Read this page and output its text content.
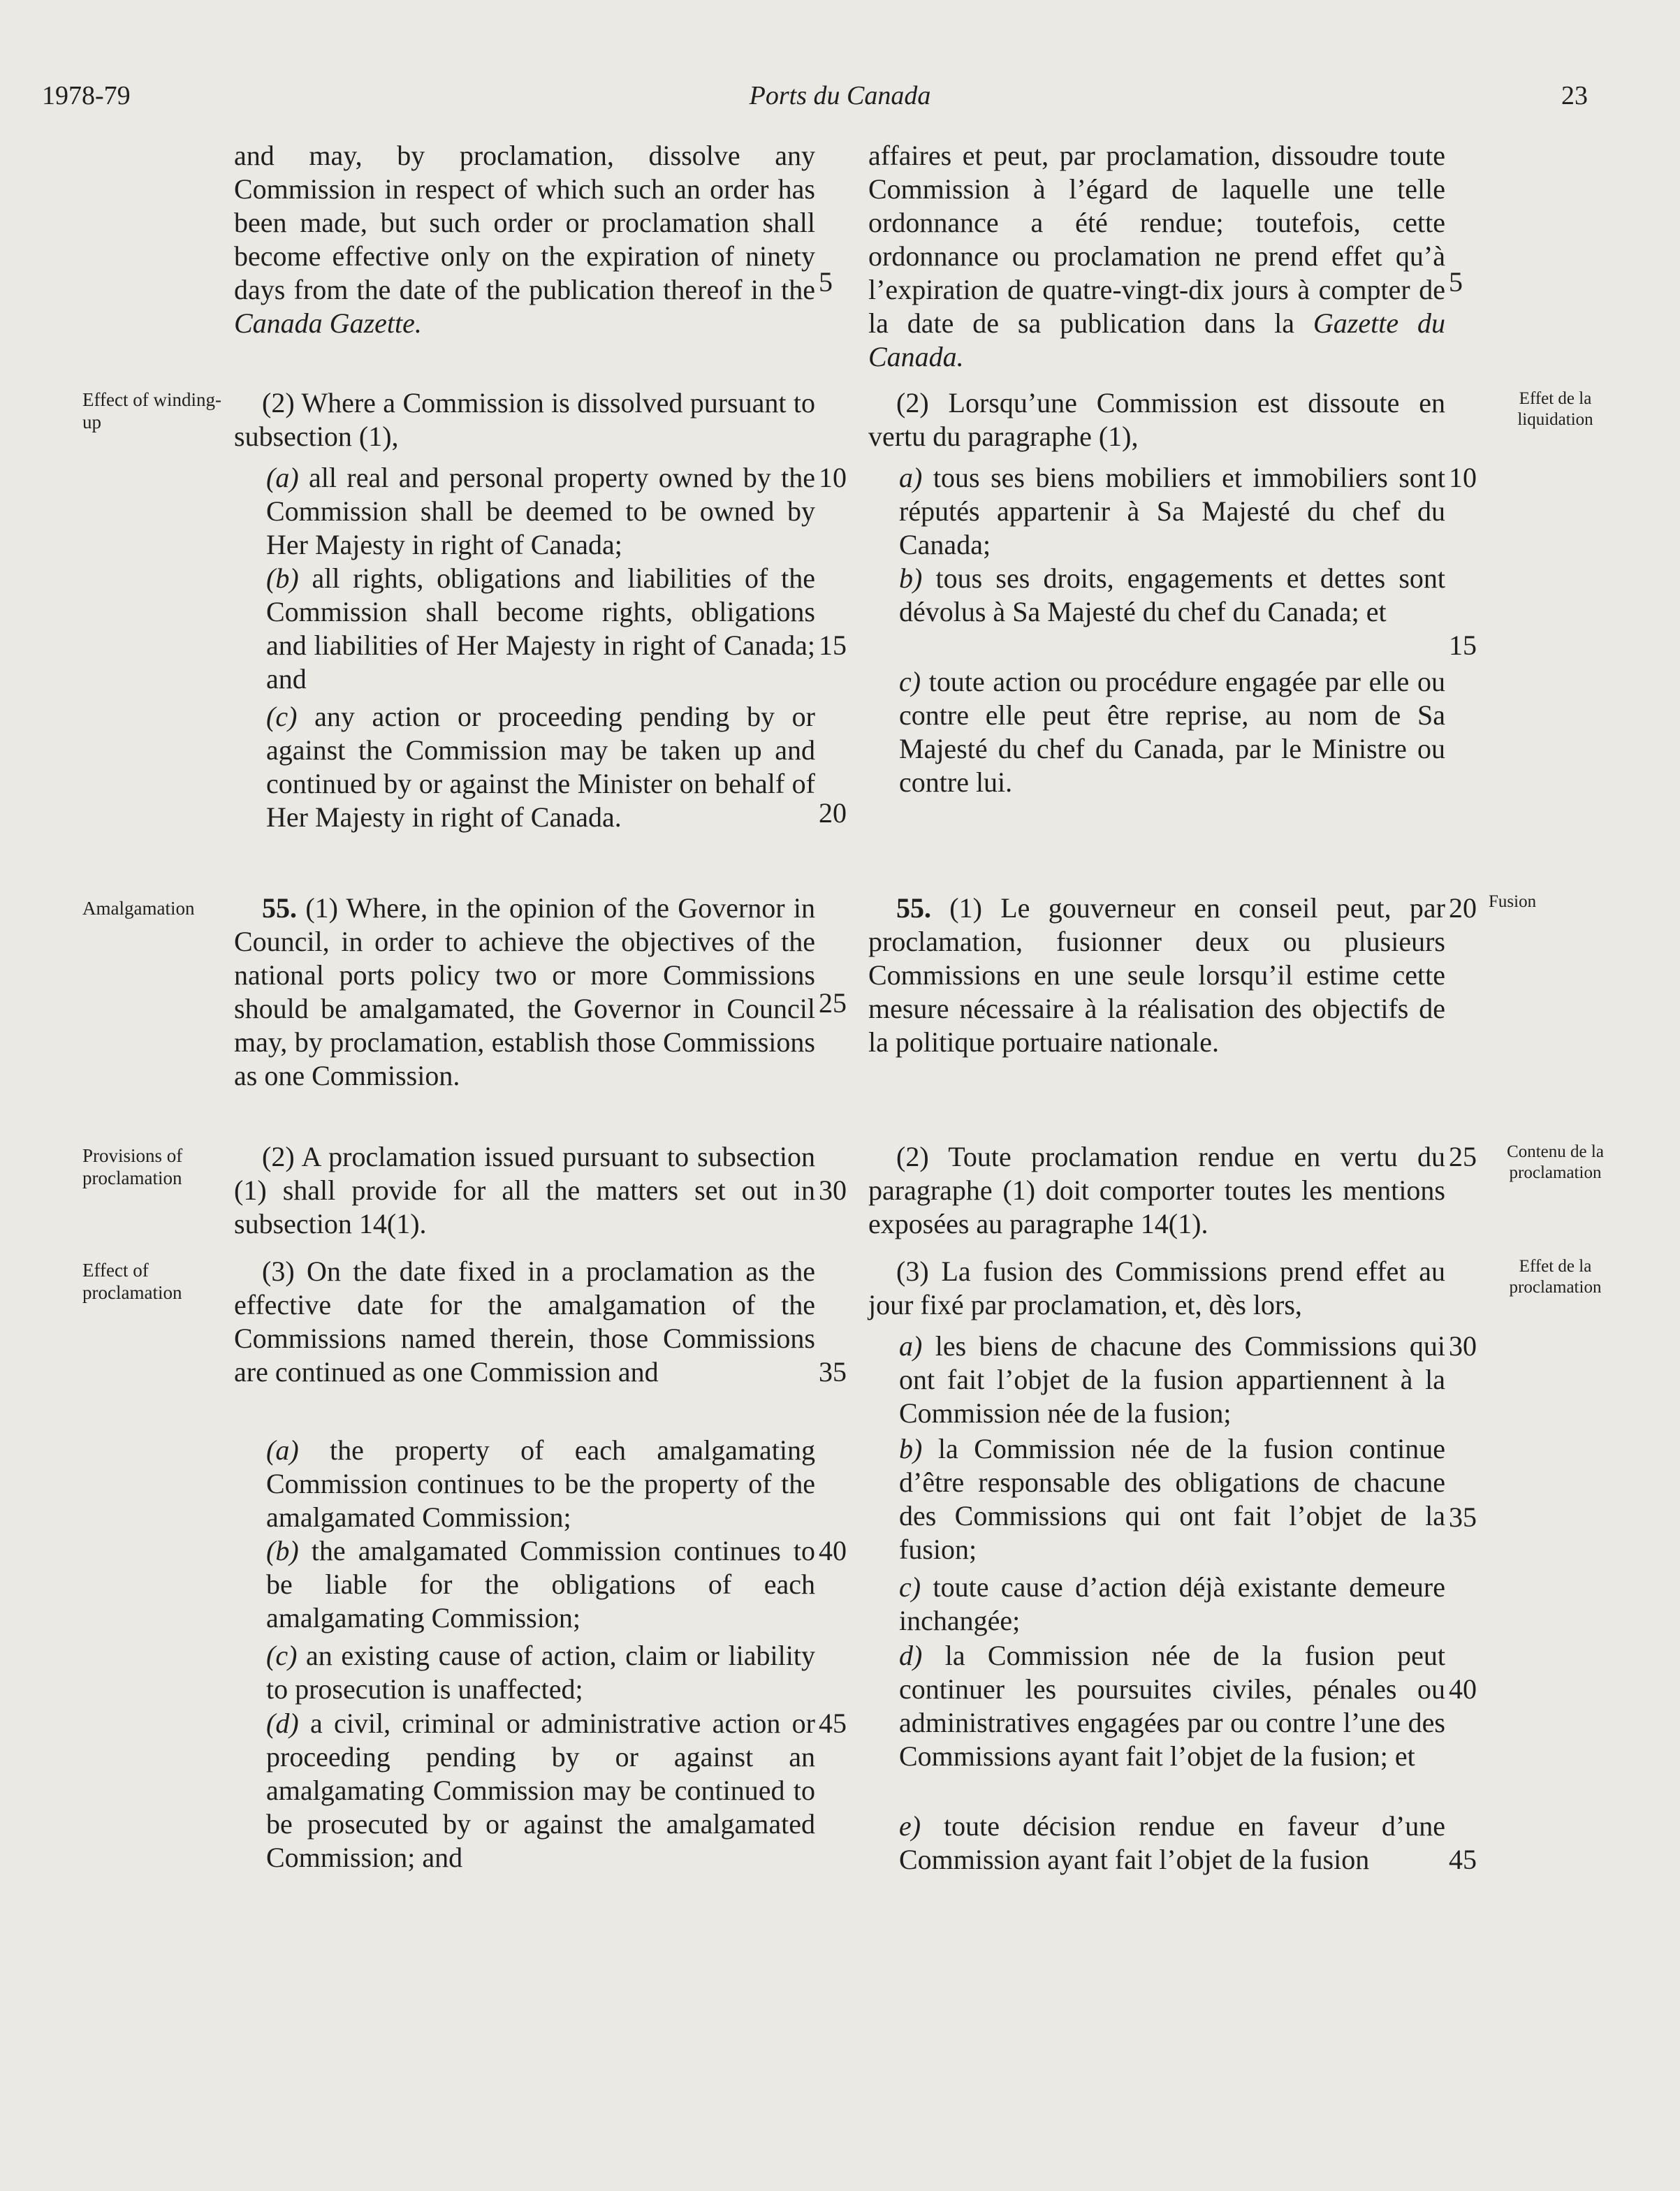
1978-79	Ports du Canada	23

and may, by proclamation, dissolve any Commission in respect of which such an order has been made, but such order or proclamation shall become effective only on the expiration of ninety days from the date of the publication thereof in the Canada Gazette.

(2) Where a Commission is dissolved pursuant to subsection (1),

(a) all real and personal property owned by the Commission shall be deemed to be owned by Her Majesty in right of Canada;

(b) all rights, obligations and liabilities of the Commission shall become rights, obligations and liabilities of Her Majesty in right of Canada; and

(c) any action or proceeding pending by or against the Commission may be taken up and continued by or against the Minister on behalf of Her Majesty in right of Canada.

55. (1) Where, in the opinion of the Governor in Council, in order to achieve the objectives of the national ports policy two or more Commissions should be amalgamated, the Governor in Council may, by proclamation, establish those Commissions as one Commission.

(2) A proclamation issued pursuant to subsection (1) shall provide for all the matters set out in subsection 14(1).

(3) On the date fixed in a proclamation as the effective date for the amalgamation of the Commissions named therein, those Commissions are continued as one Commission and

(a) the property of each amalgamating Commission continues to be the property of the amalgamated Commission;

(b) the amalgamated Commission continues to be liable for the obligations of each amalgamating Commission;

(c) an existing cause of action, claim or liability to prosecution is unaffected;

(d) a civil, criminal or administrative action or proceeding pending by or against an amalgamating Commission may be continued to be prosecuted by or against the amalgamated Commission; and

affaires et peut, par proclamation, dissoudre toute Commission à l’égard de laquelle une telle ordonnance a été rendue; toutefois, cette ordonnance ou proclamation ne prend effet qu’à l’expiration de quatre-vingt-dix jours à compter de la date de sa publication dans la Gazette du Canada.

(2) Lorsqu’une Commission est dissoute en vertu du paragraphe (1),

a) tous ses biens mobiliers et immobiliers sont réputés appartenir à Sa Majesté du chef du Canada;

b) tous ses droits, engagements et dettes sont dévolus à Sa Majesté du chef du Canada; et

c) toute action ou procédure engagée par elle ou contre elle peut être reprise, au nom de Sa Majesté du chef du Canada, par le Ministre ou contre lui.

55. (1) Le gouverneur en conseil peut, par proclamation, fusionner deux ou plusieurs Commissions en une seule lorsqu’il estime cette mesure nécessaire à la réalisation des objectifs de la politique portuaire nationale.

(2) Toute proclamation rendue en vertu du paragraphe (1) doit comporter toutes les mentions exposées au paragraphe 14(1).

(3) La fusion des Commissions prend effet au jour fixé par proclamation, et, dès lors,

a) les biens de chacune des Commissions qui ont fait l’objet de la fusion appartiennent à la Commission née de la fusion;

b) la Commission née de la fusion continue d’être responsable des obligations de chacune des Commissions qui ont fait l’objet de la fusion;

c) toute cause d’action déjà existante demeure inchangée;

d) la Commission née de la fusion peut continuer les poursuites civiles, pénales ou administratives engagées par ou contre l’une des Commissions ayant fait l’objet de la fusion; et

e) toute décision rendue en faveur d’une Commission ayant fait l’objet de la fusion

5
10
15
20
25
30
35
40
45
5
10
15
20
25
30
35
40
45
Effect of winding-up
Amalgamation
Provisions of proclamation
Effect of proclamation
Effet de la liquidation
Fusion
Contenu de la proclamation
Effet de la proclamation
